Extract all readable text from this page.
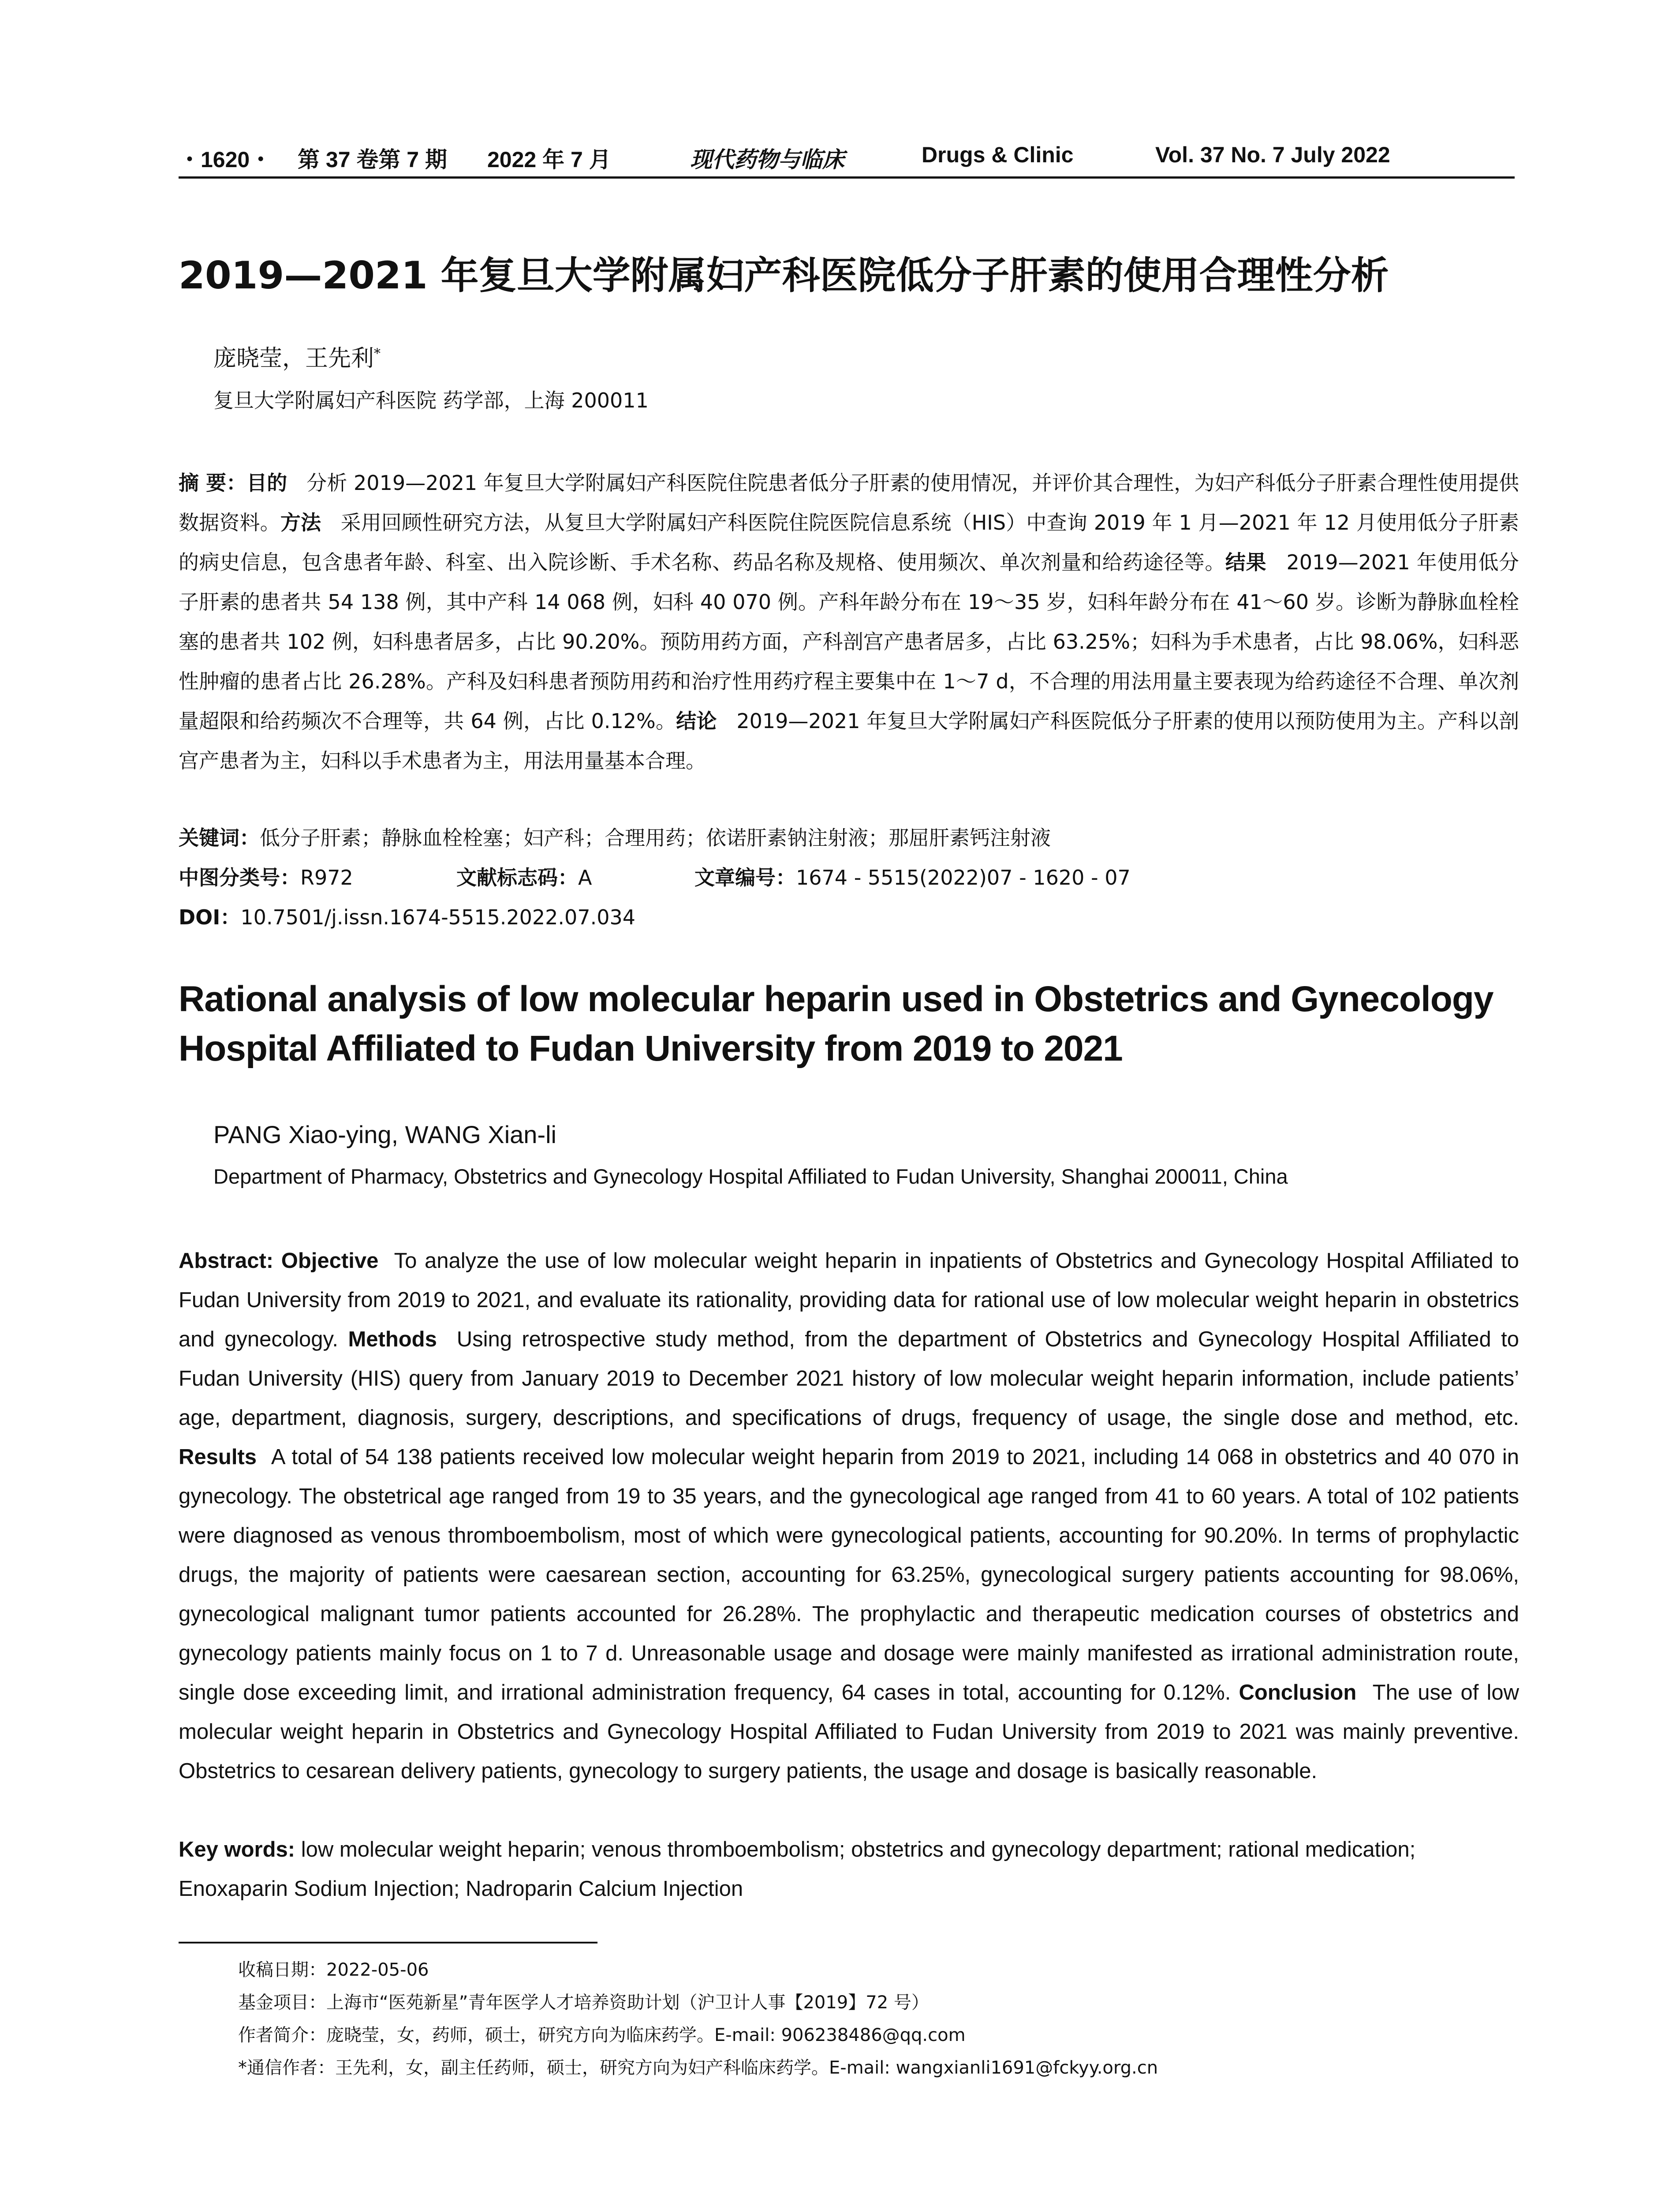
・1620・ 第 37 卷第 7 期 2022 年 7 月	现代药物与临床	Drugs & Clinic	Vol. 37 No. 7 July 2022
2019—2021 年复旦大学附属妇产科医院低分子肝素的使用合理性分析
庞晓莹，王先利*
复旦大学附属妇产科医院 药学部，上海 200011
摘 要：目的 分析 2019—2021 年复旦大学附属妇产科医院住院患者低分子肝素的使用情况，并评价其合理性，为妇产科低分子肝素合理性使用提供数据资料。方法 采用回顾性研究方法，从复旦大学附属妇产科医院住院医院信息系统（HIS）中查询 2019 年 1 月—2021 年 12 月使用低分子肝素的病史信息，包含患者年龄、科室、出入院诊断、手术名称、药品名称及规格、使用频次、单次剂量和给药途径等。结果 2019—2021 年使用低分子肝素的患者共 54 138 例，其中产科 14 068 例，妇科 40 070 例。产科年龄分布在 19～35 岁，妇科年龄分布在 41～60 岁。诊断为静脉血栓栓塞的患者共 102 例，妇科患者居多，占比 90.20%。预防用药方面，产科剖宫产患者居多，占比 63.25%；妇科为手术患者，占比 98.06%，妇科恶性肿瘤的患者占比 26.28%。产科及妇科患者预防用药和治疗性用药疗程主要集中在 1～7 d，不合理的用法用量主要表现为给药途径不合理、单次剂量超限和给药频次不合理等，共 64 例，占比 0.12%。结论 2019—2021 年复旦大学附属妇产科医院低分子肝素的使用以预防使用为主。产科以剖宫产患者为主，妇科以手术患者为主，用法用量基本合理。
关键词：低分子肝素；静脉血栓栓塞；妇产科；合理用药；依诺肝素钠注射液；那屈肝素钙注射液
中图分类号：R972	文献标志码：A	文章编号：1674 - 5515(2022)07 - 1620 - 07
DOI：10.7501/j.issn.1674-5515.2022.07.034
Rational analysis of low molecular heparin used in Obstetrics and Gynecology
Hospital Affiliated to Fudan University from 2019 to 2021
PANG Xiao-ying, WANG Xian-li
Department of Pharmacy, Obstetrics and Gynecology Hospital Affiliated to Fudan University, Shanghai 200011, China
Abstract: Objective To analyze the use of low molecular weight heparin in inpatients of Obstetrics and Gynecology Hospital Affiliated to Fudan University from 2019 to 2021, and evaluate its rationality, providing data for rational use of low molecular weight heparin in obstetrics and gynecology. Methods Using retrospective study method, from the department of Obstetrics and Gynecology Hospital Affiliated to Fudan University (HIS) query from January 2019 to December 2021 history of low molecular weight heparin information, include patients’ age, department, diagnosis, surgery, descriptions, and specifications of drugs, frequency of usage, the single dose and method, etc. Results A total of 54 138 patients received low molecular weight heparin from 2019 to 2021, including 14 068 in obstetrics and 40 070 in gynecology. The obstetrical age ranged from 19 to 35 years, and the gynecological age ranged from 41 to 60 years. A total of 102 patients were diagnosed as venous thromboembolism, most of which were gynecological patients, accounting for 90.20%. In terms of prophylactic drugs, the majority of patients were caesarean section, accounting for 63.25%, gynecological surgery patients accounting for 98.06%, gynecological malignant tumor patients accounted for 26.28%. The prophylactic and therapeutic medication courses of obstetrics and gynecology patients mainly focus on 1 to 7 d. Unreasonable usage and dosage were mainly manifested as irrational administration route, single dose exceeding limit, and irrational administration frequency, 64 cases in total, accounting for 0.12%. Conclusion The use of low molecular weight heparin in Obstetrics and Gynecology Hospital Affiliated to Fudan University from 2019 to 2021 was mainly preventive. Obstetrics to cesarean delivery patients, gynecology to surgery patients, the usage and dosage is basically reasonable.
Key words: low molecular weight heparin; venous thromboembolism; obstetrics and gynecology department; rational medication; Enoxaparin Sodium Injection; Nadroparin Calcium Injection
收稿日期：2022-05-06
基金项目：上海市“医苑新星”青年医学人才培养资助计划（沪卫计人事【2019】72 号）
作者简介：庞晓莹，女，药师，硕士，研究方向为临床药学。E-mail: 906238486@qq.com
*通信作者：王先利，女，副主任药师，硕士，研究方向为妇产科临床药学。E-mail: wangxianli1691@fckyy.org.cn
